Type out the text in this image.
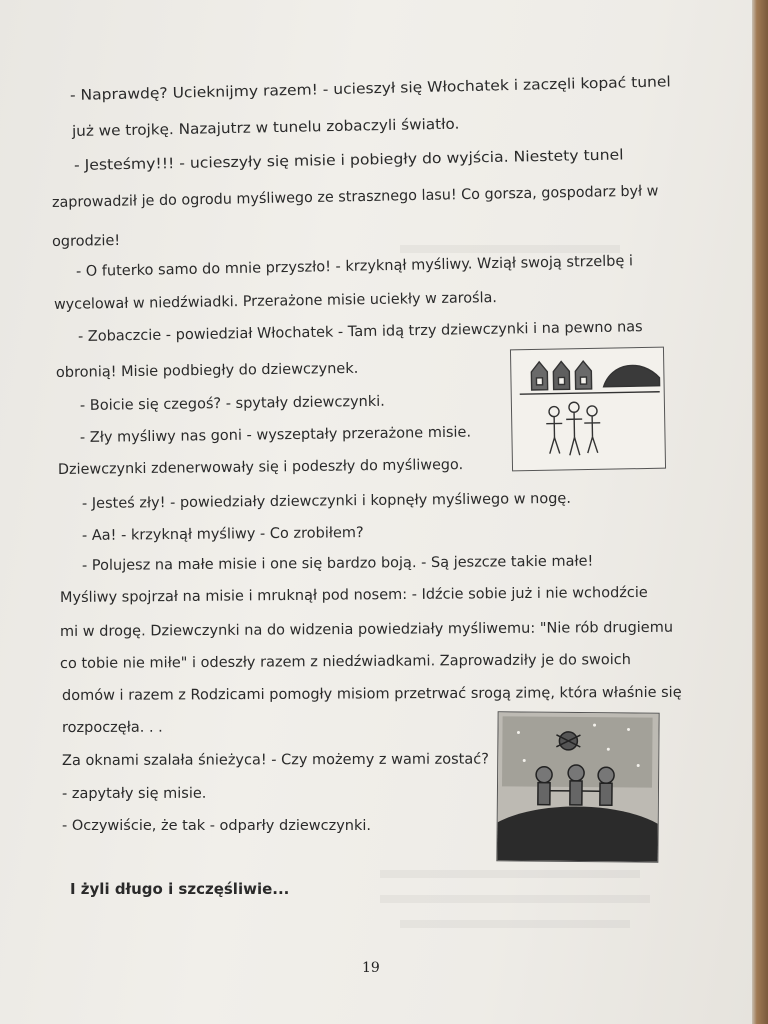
- Naprawdę? Ucieknijmy razem! - ucieszył się Włochatek i zaczęli kopać tunel
już we trojkę. Nazajutrz w tunelu zobaczyli światło.
- Jesteśmy!!! - ucieszyły się misie i pobiegły do wyjścia. Niestety tunel
zaprowadził je do ogrodu myśliwego ze strasznego lasu! Co gorsza, gospodarz był w
ogrodzie!
- O futerko samo do mnie przyszło! - krzyknął myśliwy. Wziął swoją strzelbę i
wycelował w niedźwiadki. Przerażone misie uciekły w zarośla.
- Zobaczcie - powiedział Włochatek - Tam idą trzy dziewczynki i na pewno nas
obronią! Misie podbiegły do dziewczynek.
- Boicie się czegoś? - spytały dziewczynki.
- Zły myśliwy nas goni - wyszeptały przerażone misie.
Dziewczynki zdenerwowały się i podeszły do myśliwego.
- Jesteś zły! - powiedziały dziewczynki i kopnęły myśliwego w nogę.
- Aa! - krzyknął myśliwy - Co zrobiłem?
- Polujesz na małe misie i one się bardzo boją. - Są jeszcze takie małe!
Myśliwy spojrzał na misie i mruknął pod nosem: - Idźcie sobie już i nie wchodźcie
mi w drogę. Dziewczynki na do widzenia powiedziały myśliwemu: "Nie rób drugiemu
co tobie nie miłe" i odeszły razem z niedźwiadkami. Zaprowadziły je do swoich
domów i razem z Rodzicami pomogły misiom przetrwać srogą zimę, która właśnie się
rozpoczęła. . .
Za oknami szalała śnieżyca! - Czy możemy z wami zostać?
- zapytały się misie.
- Oczywiście, że tak - odparły dziewczynki.
I żyli długo i szczęśliwie...
19
